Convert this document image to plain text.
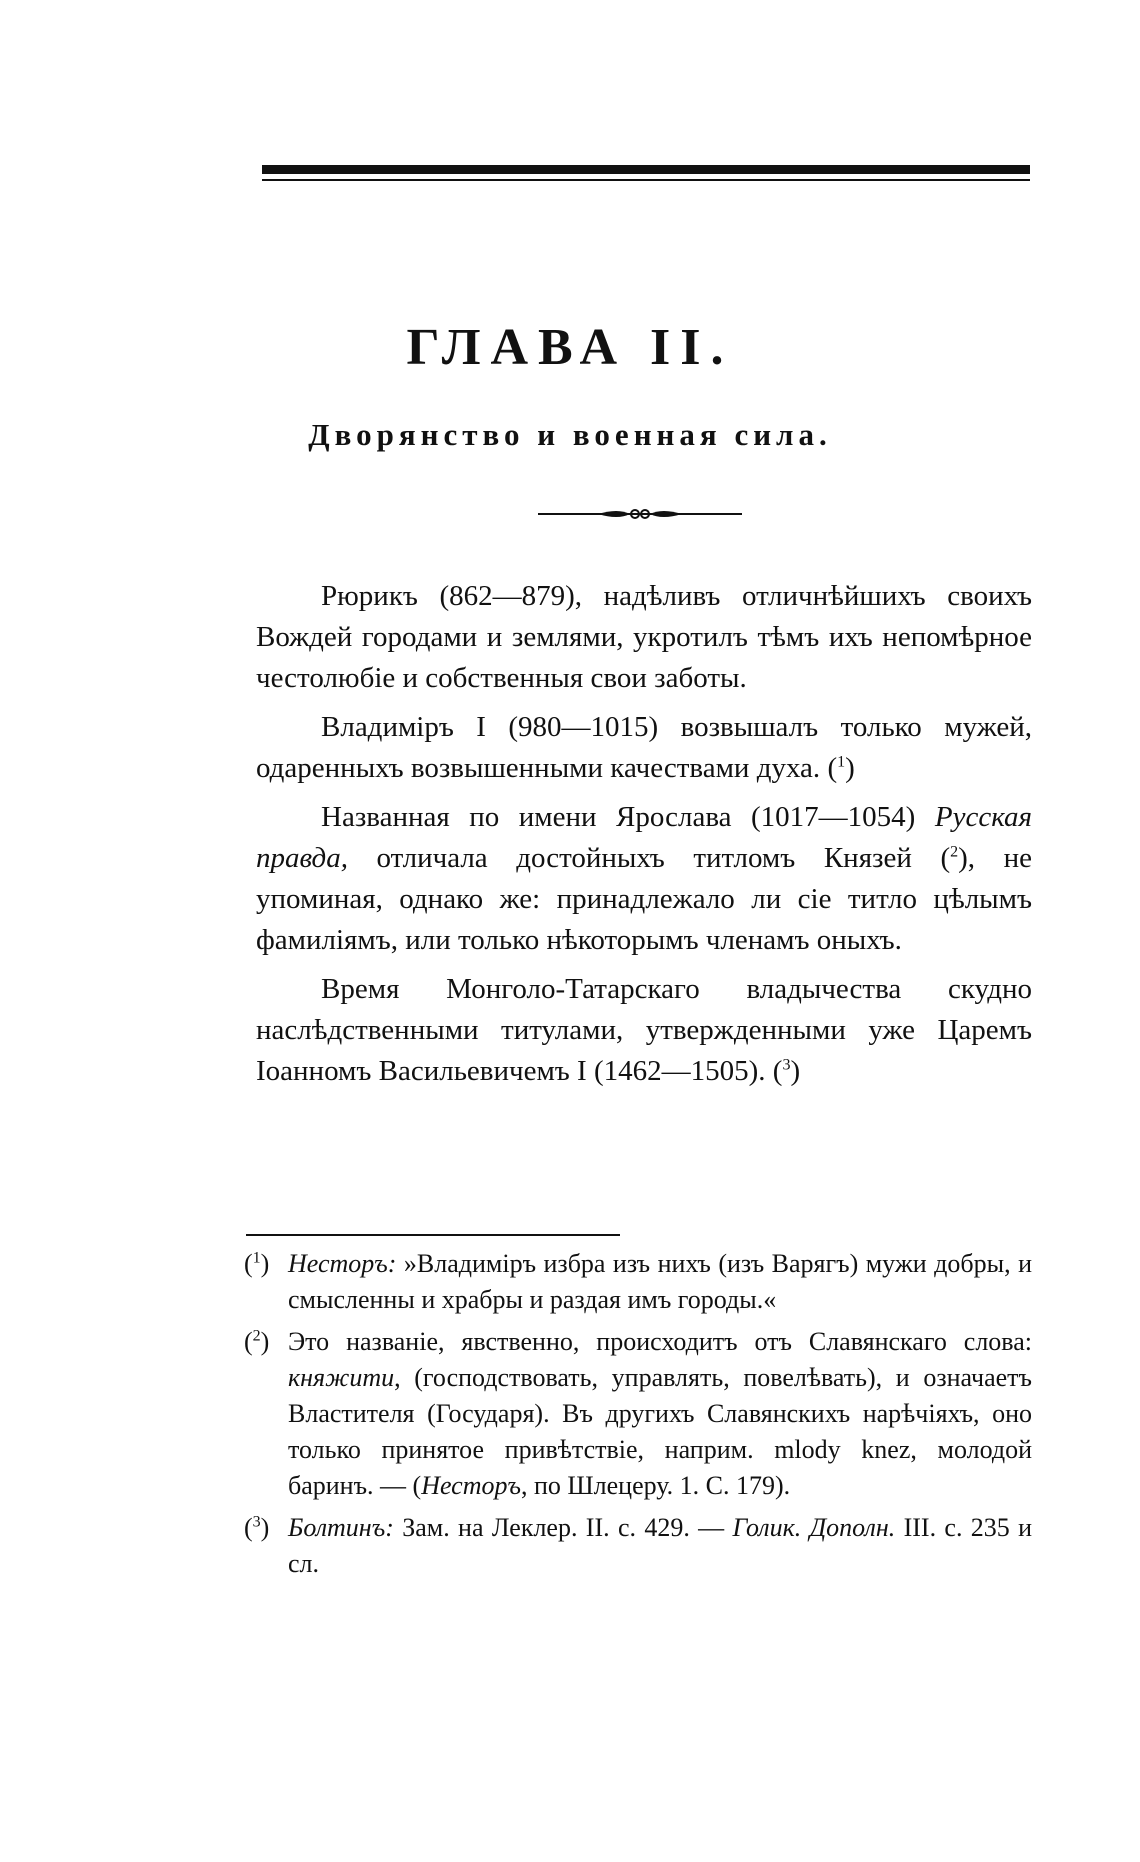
ГЛАВА II.
Дворянство и военная сила.

Рюрикъ (862—879), надѣливъ отличнѣйшихъ своихъ Вождей городами и землями, укротилъ тѣмъ ихъ непомѣрное честолюбіе и собственныя свои заботы.

Владиміръ I (980—1015) возвышалъ только мужей, одаренныхъ возвышенными качествами духа. ($^1$)

Названная по имени Ярослава (1017—1054) Русская правда, отличала достойныхъ титломъ Князей ($^2$), не упоминая, однако же: принадлежало ли сіе титло цѣлымъ фамиліямъ, или только нѣкоторымъ членамъ оныхъ.

Время Монголо-Татарскаго владычества скудно наслѣдственными титулами, утвержденными уже Царемъ Іоанномъ Васильевичемъ I (1462—1505). ($^3$)

($^1$) Несторъ: »Владиміръ избра изъ нихъ (изъ Варягъ) мужи добры, и смысленны и храбры и раздая имъ городы.«
($^2$) Это названіе, явственно, происходитъ отъ Славянскаго слова: княжити, (господствовать, управлять, повелѣвать), и означаетъ Властителя (Государя). Въ другихъ Славянскихъ нарѣчіяхъ, оно только принятое привѣтствіе, наприм. mlody knez, молодой баринъ. — (Несторъ, по Шлецеру. 1. С. 179).
($^3$) Болтинъ: Зам. на Леклер. II. с. 429. — Голик. Дополн. III. с. 235 и сл.
